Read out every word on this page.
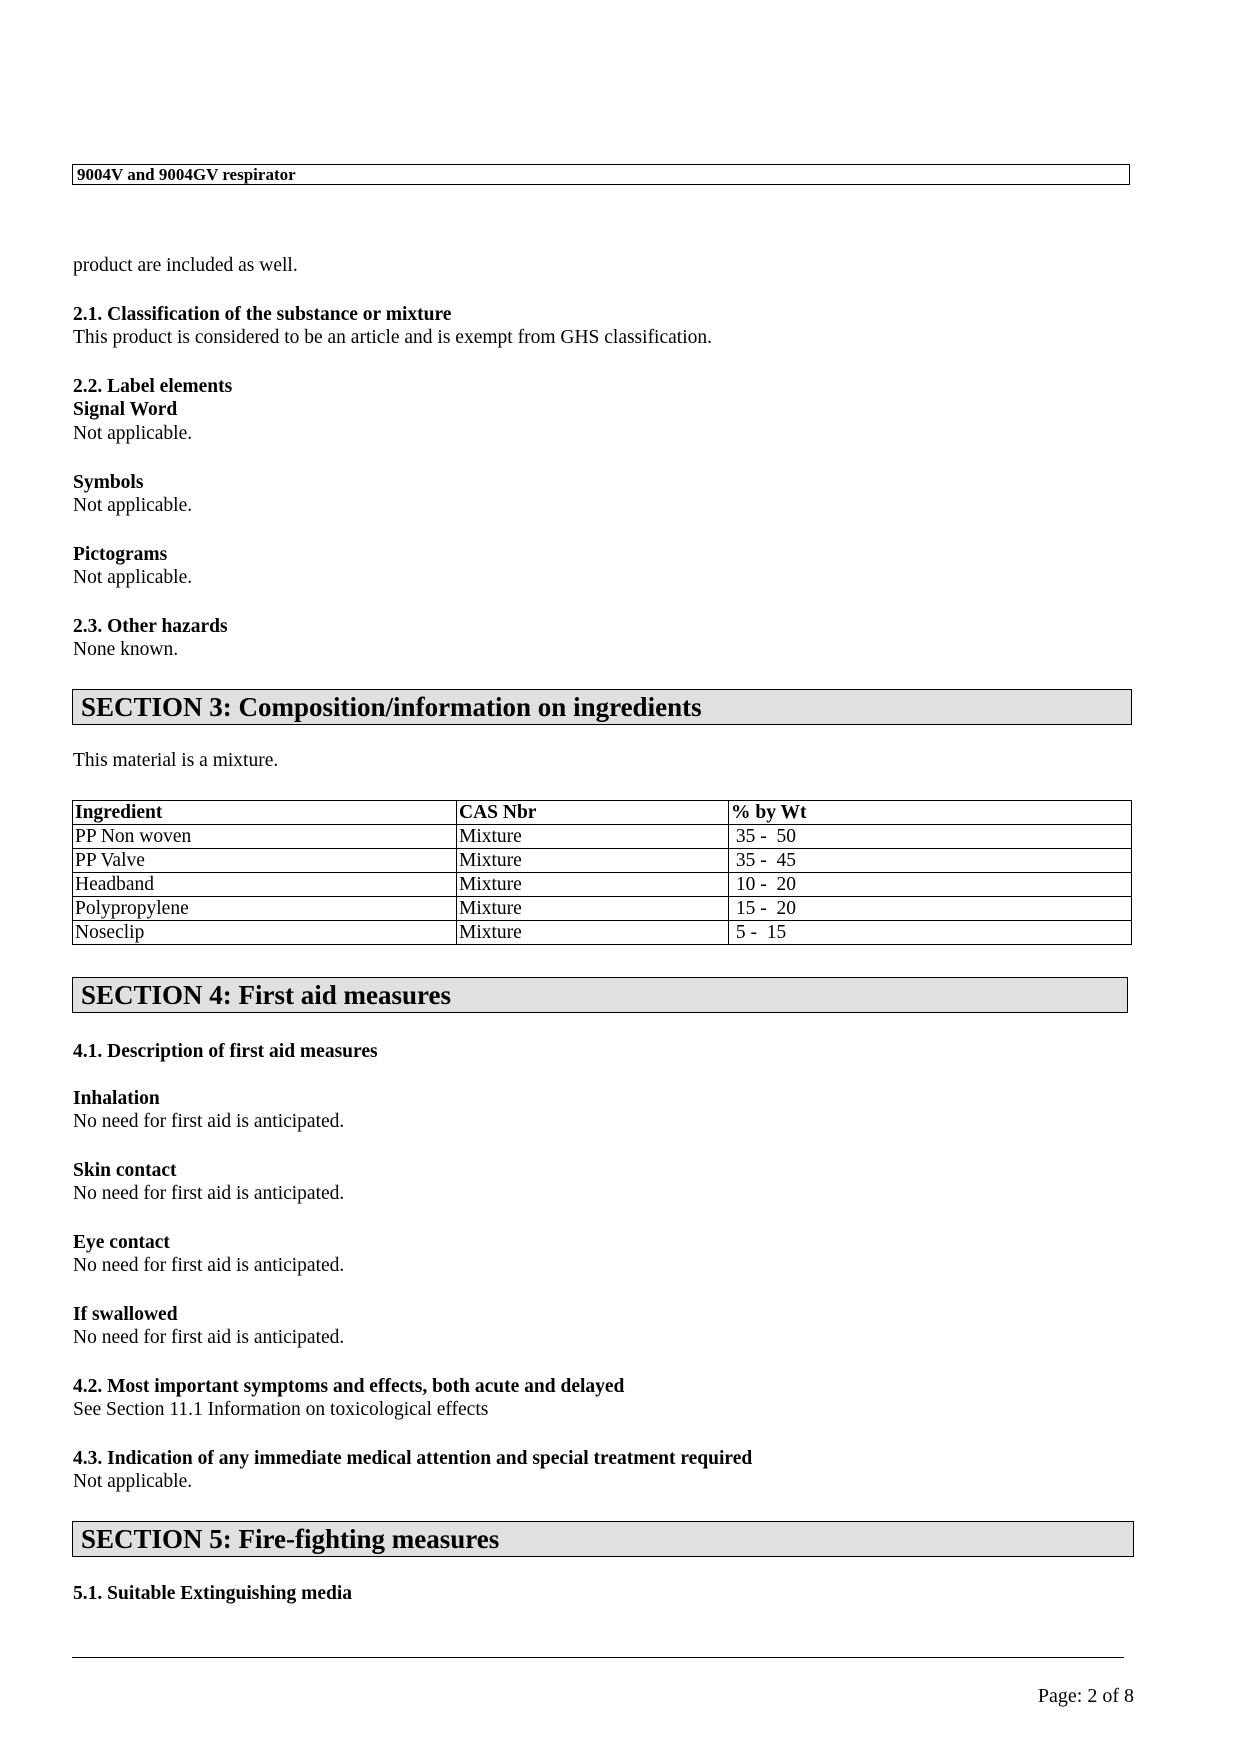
9004V and 9004GV respirator
product are included as well.
2.1. Classification of the substance or mixture
This product is considered to be an article and is exempt from GHS classification.
2.2. Label elements
Signal Word
Not applicable.
Symbols
Not applicable.
Pictograms
Not applicable.
2.3. Other hazards
None known.
SECTION 3: Composition/information on ingredients
This material is a mixture.
Ingredient	CAS Nbr	% by Wt
PP Non woven	Mixture	35 -  50
PP Valve	Mixture	35 -  45
Headband	Mixture	10 -  20
Polypropylene	Mixture	15 -  20
Noseclip	Mixture	5 -  15
SECTION 4: First aid measures
4.1. Description of first aid measures
Inhalation
No need for first aid is anticipated.
Skin contact
No need for first aid is anticipated.
Eye contact
No need for first aid is anticipated.
If swallowed
No need for first aid is anticipated.
4.2. Most important symptoms and effects, both acute and delayed
See Section 11.1 Information on toxicological effects
4.3. Indication of any immediate medical attention and special treatment required
Not applicable.
SECTION 5: Fire-fighting measures
5.1. Suitable Extinguishing media
Page: 2 of 8
